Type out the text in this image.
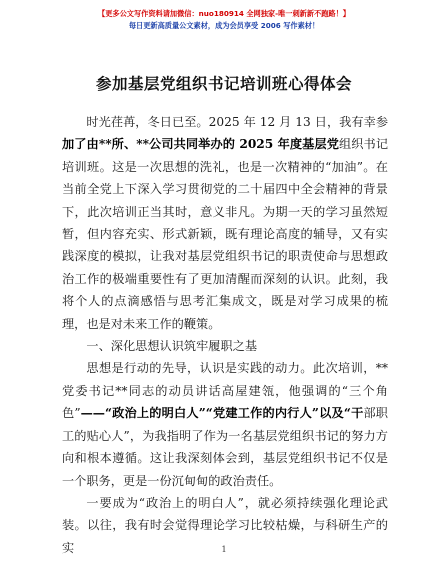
【更多公文写作资料请加微信：nuo180914 全网独家-唯一刺新新不跑路！】
每日更新高质量公文素材，成为会员享受 2006 写作素材！
参加基层党组织书记培训班心得体会

时光荏苒，冬日已至。2025 年 12 月 13 日，我有幸参加了由**所、**公司共同举办的 2025 年度基层党组织书记培训班。这是一次思想的洗礼，也是一次精神的“加油”。在当前全党上下深入学习贯彻党的二十届四中全会精神的背景下，此次培训正当其时，意义非凡。为期一天的学习虽然短暂，但内容充实、形式新颖，既有理论高度的辅导，又有实践深度的模拟，让我对基层党组织书记的职责使命与思想政治工作的极端重要性有了更加清醒而深刻的认识。此刻，我将个人的点滴感悟与思考汇集成文，既是对学习成果的梳理，也是对未来工作的鞭策。

一、深化思想认识筑牢履职之基

思想是行动的先导，认识是实践的动力。此次培训，**党委书记**同志的动员讲话高屋建瓴，他强调的“三个角色”——“政治上的明白人”“党建工作的内行人”以及“干部职工的贴心人”，为我指明了作为一名基层党组织书记的努力方向和根本遵循。这让我深刻体会到，基层党组织书记不仅是一个职务，更是一份沉甸甸的政治责任。

一要成为“政治上的明白人”，就必须持续强化理论武装。以往，我有时会觉得理论学习比较枯燥，与科研生产的实	1
